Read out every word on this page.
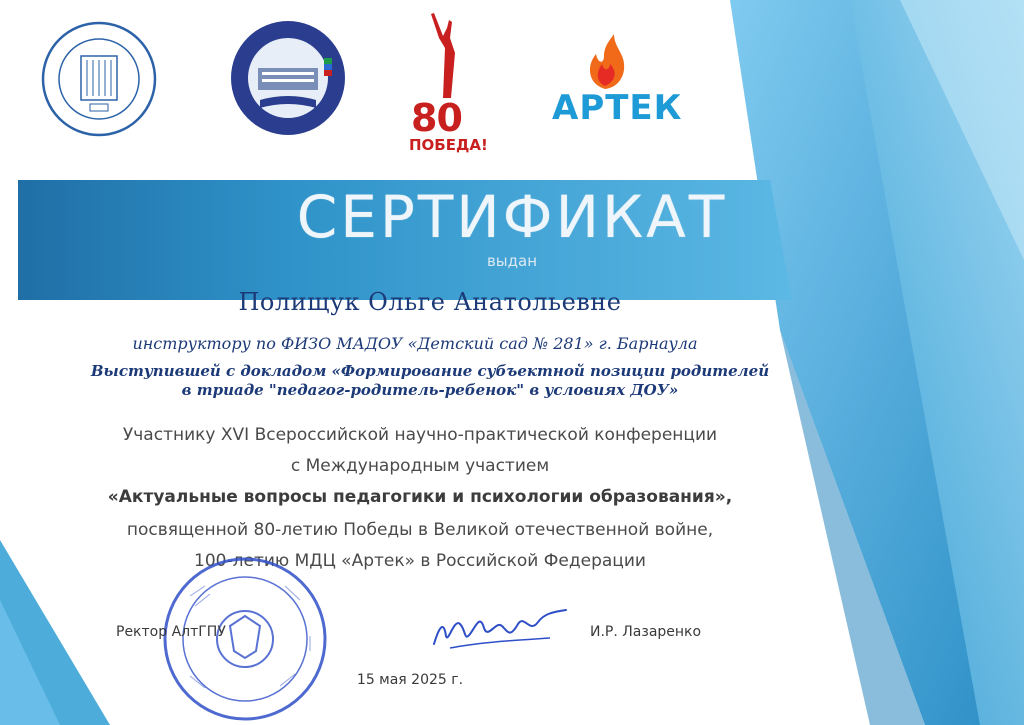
80
ПОБЕДА!
АРТЕК
СЕРТИФИКАТ
выдан
Полищук Ольге Анатольевне
инструктору по ФИЗО МАДОУ «Детский сад № 281» г. Барнаула
Выступившей с докладом «Формирование субъектной позиции родителей
в триаде "педагог-родитель-ребенок" в условиях ДОУ»
Участнику XVI Всероссийской научно-практической конференции
с Международным участием
«Актуальные вопросы педагогики и психологии образования»,
посвященной 80-летию Победы в Великой отечественной войне,
100-летию МДЦ «Артек» в Российской Федерации
Ректор АлтГПУ	И.Р. Лазаренко
15 мая 2025 г.
